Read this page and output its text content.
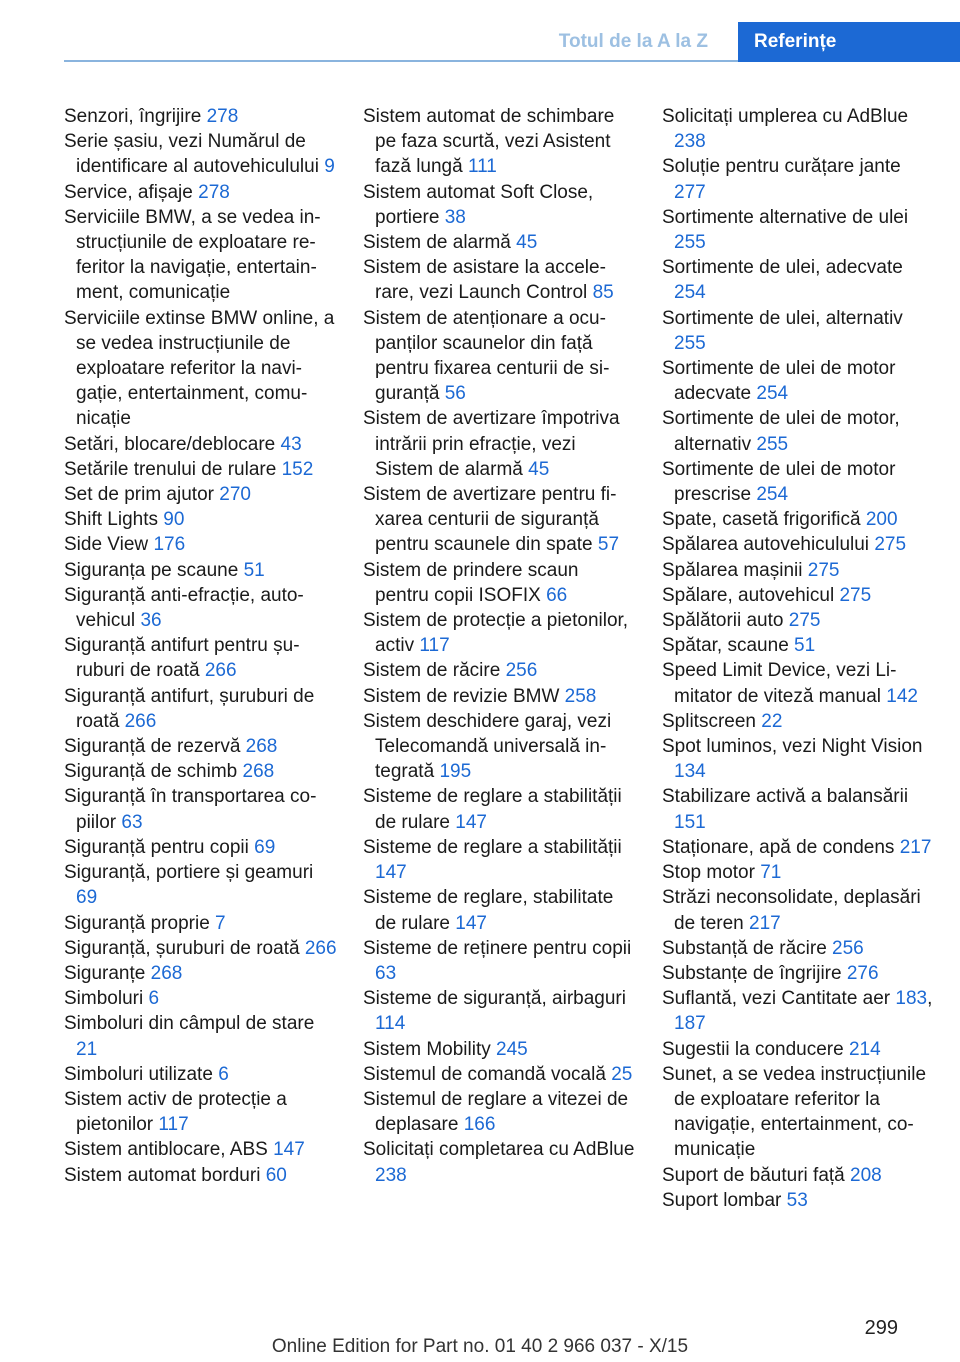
Totul de la A la Z	Referințe

Senzori, îngrijire 278

Serie șasiu, vezi Numărul de identificare al autovehiculului 9

Service, afișaje 278

Serviciile BMW, a se vedea instrucțiunile de exploatare referitor la navigație, entertainment, comunicație

Serviciile extinse BMW online, a se vedea instrucțiunile de exploatare referitor la navigație, entertainment, comunicație

Setări, blocare/deblocare 43

Setările trenului de rulare 152

Set de prim ajutor 270

Shift Lights 90

Side View 176

Siguranța pe scaune 51

Siguranță anti-efracție, autovehicul 36

Siguranță antifurt pentru șuruburi de roată 266

Siguranță antifurt, șuruburi de roată 266

Siguranță de rezervă 268

Siguranță de schimb 268

Siguranță în transportarea copiilor 63

Siguranță pentru copii 69

Siguranță, portiere și geamuri 69

Siguranță proprie 7

Siguranță, șuruburi de roată 266

Siguranțe 268

Simboluri 6

Simboluri din câmpul de stare 21

Simboluri utilizate 6

Sistem activ de protecție a pietonilor 117

Sistem antiblocare, ABS 147

Sistem automat borduri 60

Sistem automat de schimbare pe faza scurtă, vezi Asistent fază lungă 111

Sistem automat Soft Close, portiere 38

Sistem de alarmă 45

Sistem de asistare la accelerare, vezi Launch Control 85

Sistem de atenționare a ocupanților scaunelor din față pentru fixarea centurii de siguranță 56

Sistem de avertizare împotriva intrării prin efracție, vezi Sistem de alarmă 45

Sistem de avertizare pentru fixarea centurii de siguranță pentru scaunele din spate 57

Sistem de prindere scaun pentru copii ISOFIX 66

Sistem de protecție a pietonilor, activ 117

Sistem de răcire 256

Sistem de revizie BMW 258

Sistem deschidere garaj, vezi Telecomandă universală integrată 195

Sisteme de reglare a stabilității de rulare 147

Sisteme de reglare a stabilității 147

Sisteme de reglare, stabilitate de rulare 147

Sisteme de reținere pentru copii 63

Sisteme de siguranță, airbaguri 114

Sistem Mobility 245

Sistemul de comandă vocală 25

Sistemul de reglare a vitezei de deplasare 166

Solicitați completarea cu AdBlue 238

Solicitați umplerea cu AdBlue 238

Soluție pentru curățare jante 277

Sortimente alternative de ulei 255

Sortimente de ulei, adecvate 254

Sortimente de ulei, alternativ 255

Sortimente de ulei de motor adecvate 254

Sortimente de ulei de motor, alternativ 255

Sortimente de ulei de motor prescrise 254

Spate, casetă frigorifică 200

Spălarea autovehiculului 275

Spălarea mașinii 275

Spălare, autovehicul 275

Spălătorii auto 275

Spătar, scaune 51

Speed Limit Device, vezi Limitator de viteză manual 142

Splitscreen 22

Spot luminos, vezi Night Vision 134

Stabilizare activă a balansării 151

Staționare, apă de condens 217

Stop motor 71

Străzi neconsolidate, deplasări de teren 217

Substanță de răcire 256

Substanțe de îngrijire 276

Suflantă, vezi Cantitate aer 183, 187

Sugestii la conducere 214

Sunet, a se vedea instrucțiunile de exploatare referitor la navigație, entertainment, comunicație

Suport de băuturi față 208

Suport lombar 53

299
Online Edition for Part no. 01 40 2 966 037 - X/15
